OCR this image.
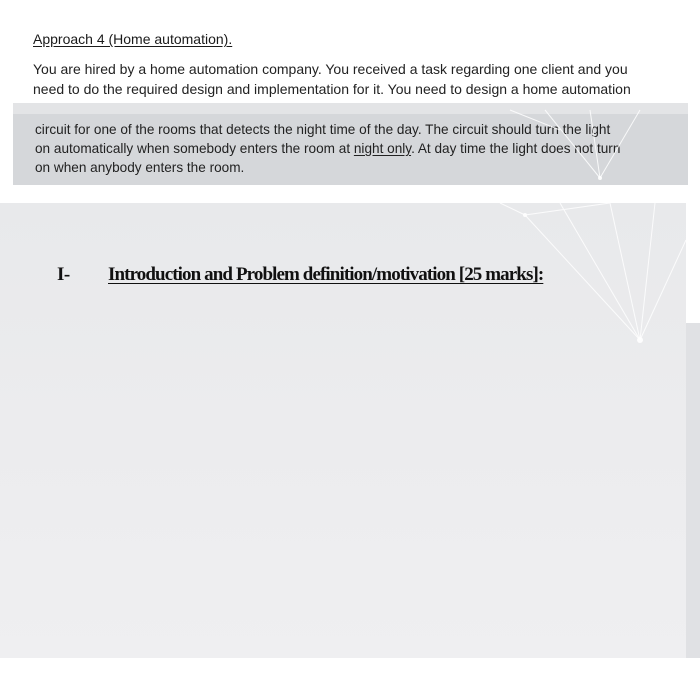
Approach 4 (Home automation).
You are hired by a home automation company. You received a task regarding one client and you
need to do the required design and implementation for it. You need to design a home automation
circuit for one of the rooms that detects the night time of the day. The circuit should turn the light
on automatically when somebody enters the room at night only. At day time the light does not turn
on when anybody enters the room.
I- Introduction and Problem definition/motivation [25 marks]:
